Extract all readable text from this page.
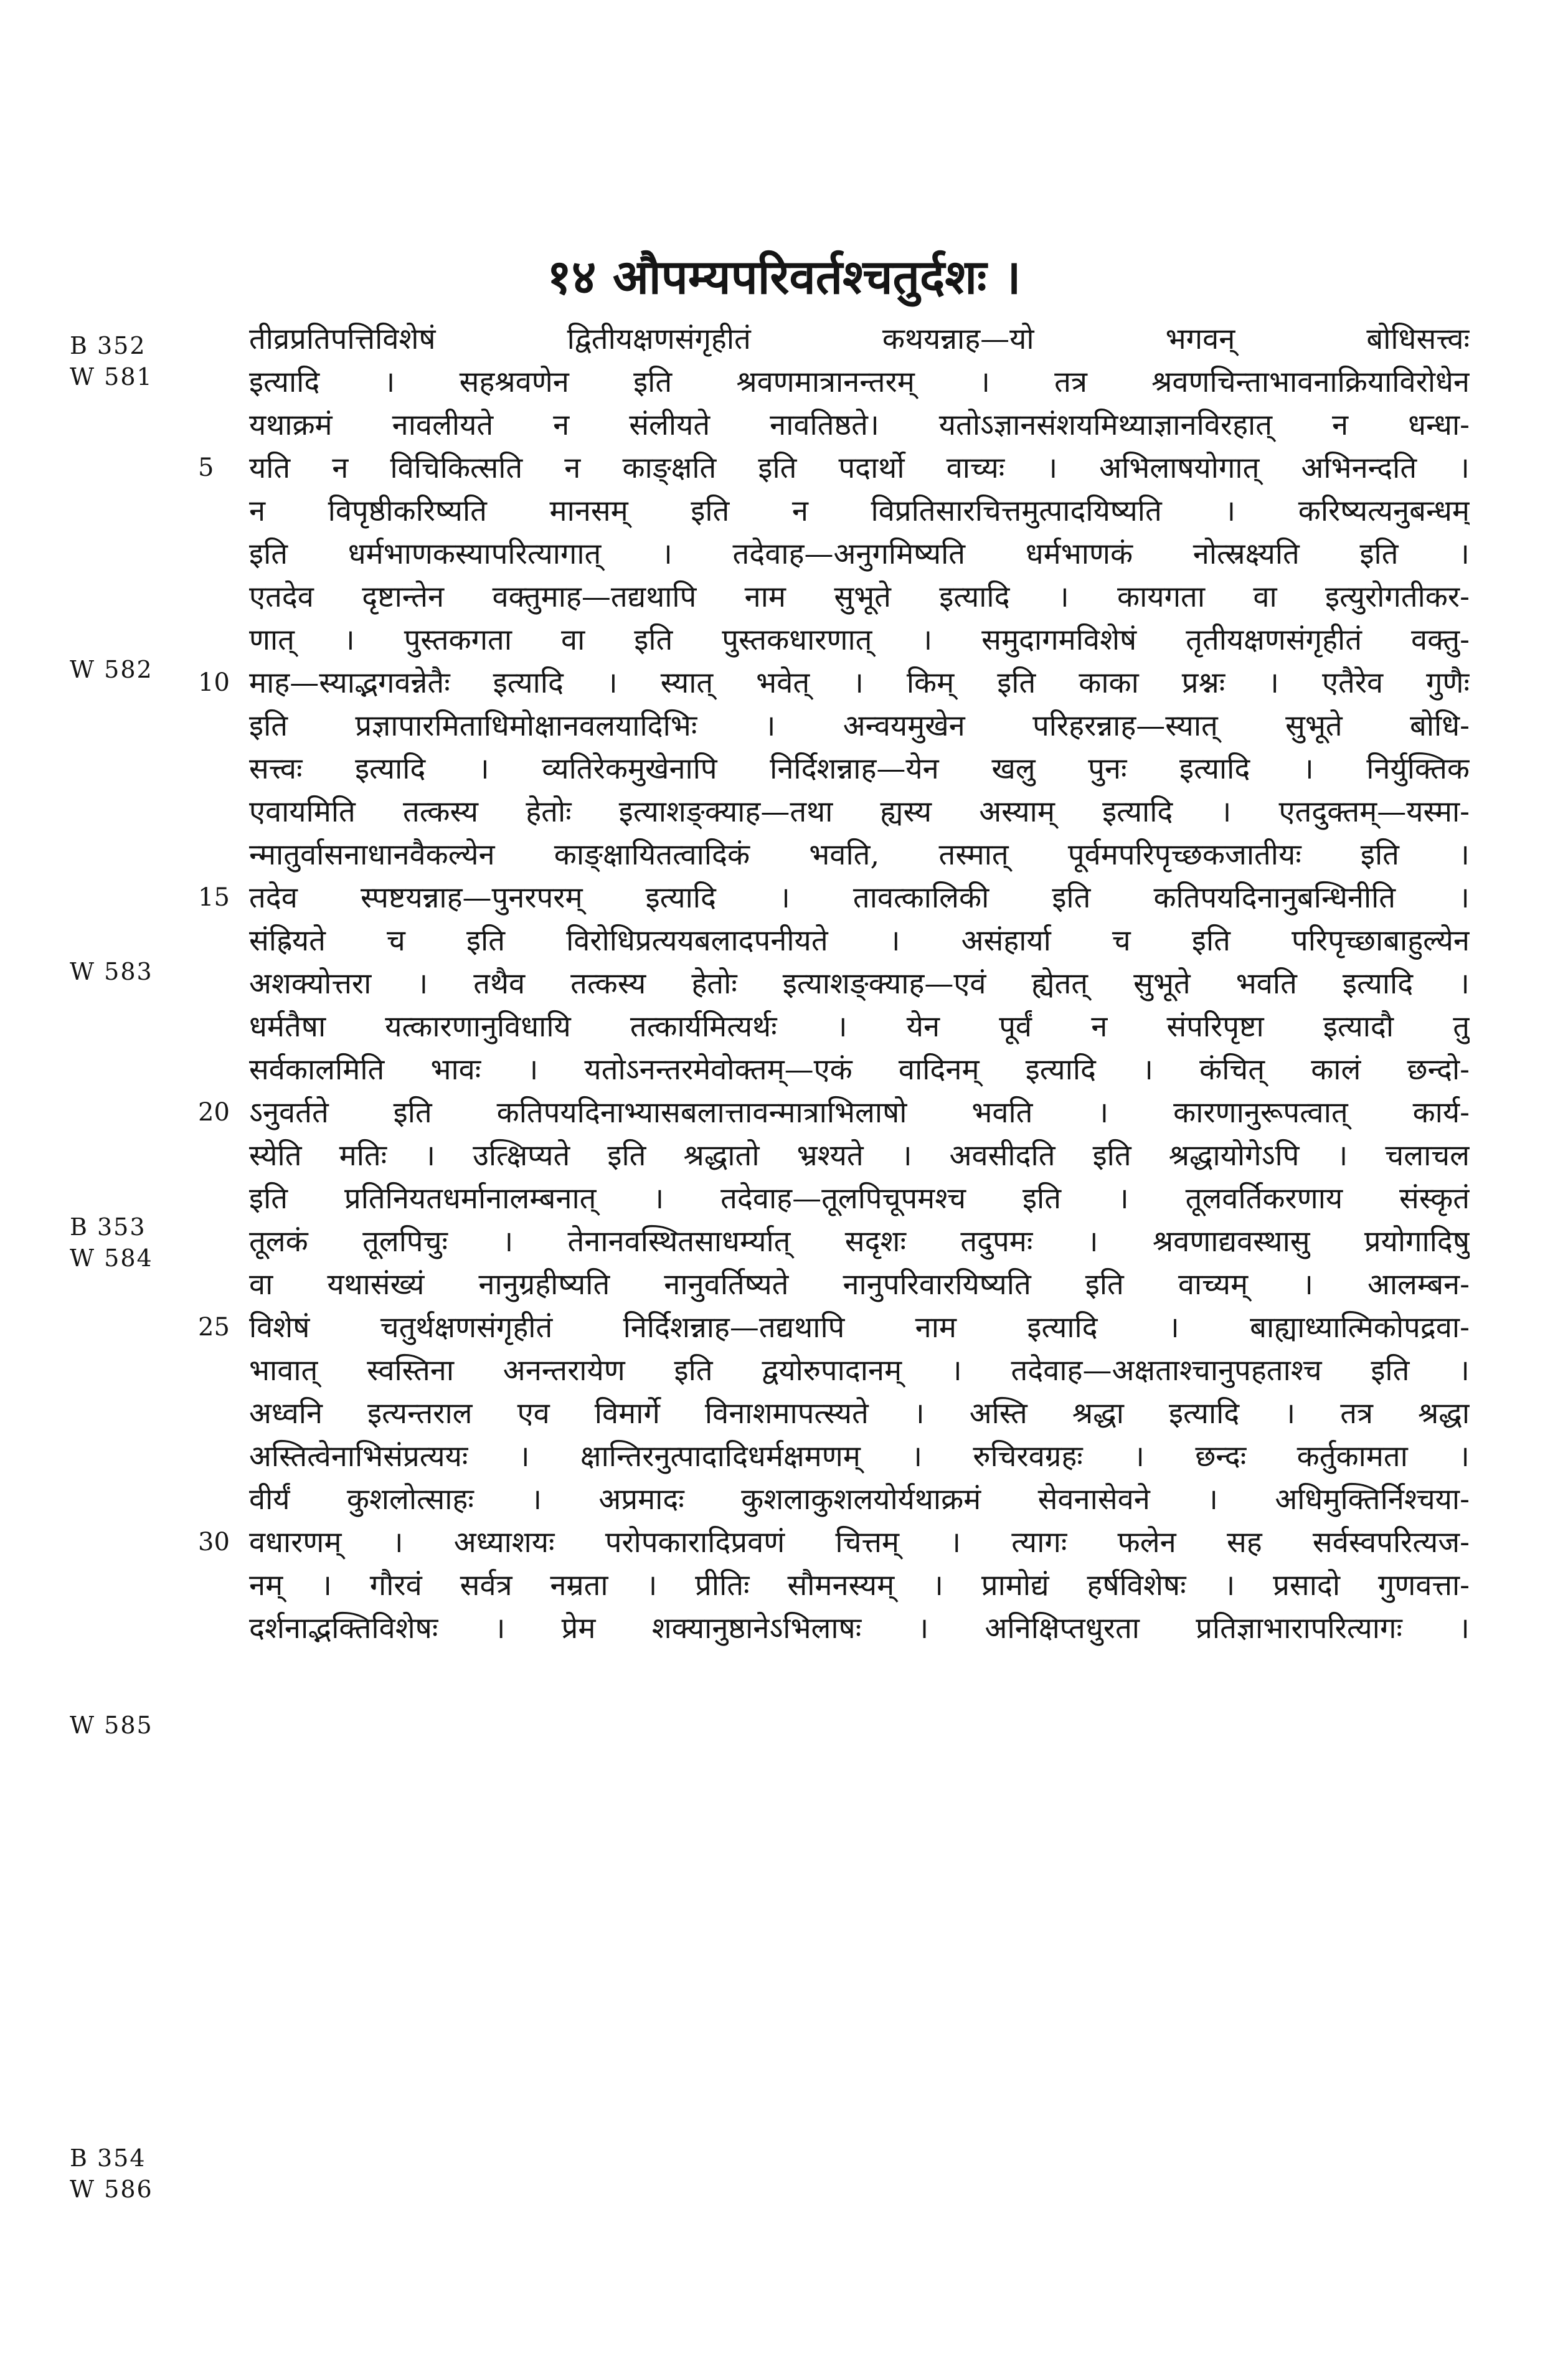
१४ औपम्यपरिवर्तश्चतुर्दशः ।
तीव्रप्रतिपत्तिविशेषं द्वितीयक्षणसंगृहीतं कथयन्नाह—यो भगवन् बोधिसत्त्वः
इत्यादि । सहश्रवणेन इति श्रवणमात्रानन्तरम् । तत्र श्रवणचिन्ताभावनाक्रियाविरोधेन
यथाक्रमं नावलीयते न संलीयते नावतिष्ठते। यतोऽज्ञानसंशयमिथ्याज्ञानविरहात् न धन्धा-
यति न विचिकित्सति न काङ्क्षति इति पदार्थो वाच्यः । अभिलाषयोगात् अभिनन्दति ।
न विपृष्ठीकरिष्यति मानसम् इति न विप्रतिसारचित्तमुत्पादयिष्यति । करिष्यत्यनुबन्धम्
इति धर्मभाणकस्यापरित्यागात् । तदेवाह—अनुगमिष्यति धर्मभाणकं नोत्स्रक्ष्यति इति ।
एतदेव दृष्टान्तेन वक्तुमाह—तद्यथापि नाम सुभूते इत्यादि । कायगता वा इत्युरोगतीकर-
णात् । पुस्तकगता वा इति पुस्तकधारणात् । समुदागमविशेषं तृतीयक्षणसंगृहीतं वक्तु-
माह—स्याद्भगवन्नेतैः इत्यादि । स्यात् भवेत् । किम् इति काका प्रश्नः । एतैरेव गुणैः
इति प्रज्ञापारमिताधिमोक्षानवलयादिभिः । अन्वयमुखेन परिहरन्नाह—स्यात् सुभूते बोधि-
सत्त्वः इत्यादि । व्यतिरेकमुखेनापि निर्दिशन्नाह—येन खलु पुनः इत्यादि । निर्युक्तिक
एवायमिति तत्कस्य हेतोः इत्याशङ्क्याह—तथा ह्यस्य अस्याम् इत्यादि । एतदुक्तम्—यस्मा-
न्मातुर्वासनाधानवैकल्येन काङ्क्षायितत्वादिकं भवति, तस्मात् पूर्वमपरिपृच्छकजातीयः इति ।
तदेव स्पष्टयन्नाह—पुनरपरम् इत्यादि । तावत्कालिकी इति कतिपयदिनानुबन्धिनीति ।
संह्रियते च इति विरोधिप्रत्ययबलादपनीयते । असंहार्या च इति परिपृच्छाबाहुल्येन
अशक्योत्तरा । तथैव तत्कस्य हेतोः इत्याशङ्क्याह—एवं ह्येतत् सुभूते भवति इत्यादि ।
धर्मतैषा यत्कारणानुविधायि तत्कार्यमित्यर्थः । येन पूर्वं न संपरिपृष्टा इत्यादौ तु
सर्वकालमिति भावः । यतोऽनन्तरमेवोक्तम्—एकं वादिनम् इत्यादि । कंचित् कालं छन्दो-
ऽनुवर्तते इति कतिपयदिनाभ्यासबलात्तावन्मात्राभिलाषो भवति । कारणानुरूपत्वात् कार्य-
स्येति मतिः । उत्क्षिप्यते इति श्रद्धातो भ्रश्यते । अवसीदति इति श्रद्धायोगेऽपि । चलाचल
इति प्रतिनियतधर्मानालम्बनात् । तदेवाह—तूलपिचूपमश्च इति । तूलवर्तिकरणाय संस्कृतं
तूलकं तूलपिचुः । तेनानवस्थितसाधर्म्यात् सदृशः तदुपमः । श्रवणाद्यवस्थासु प्रयोगादिषु
वा यथासंख्यं नानुग्रहीष्यति नानुवर्तिष्यते नानुपरिवारयिष्यति इति वाच्यम् । आलम्बन-
विशेषं चतुर्थक्षणसंगृहीतं निर्दिशन्नाह—तद्यथापि नाम इत्यादि । बाह्याध्यात्मिकोपद्रवा-
भावात् स्वस्तिना अनन्तरायेण इति द्वयोरुपादानम् । तदेवाह—अक्षताश्चानुपहताश्च इति ।
अध्वनि इत्यन्तराल एव विमार्गे विनाशमापत्स्यते । अस्ति श्रद्धा इत्यादि । तत्र श्रद्धा
अस्तित्वेनाभिसंप्रत्ययः । क्षान्तिरनुत्पादादिधर्मक्षमणम् । रुचिरवग्रहः । छन्दः कर्तुकामता ।
वीर्यं कुशलोत्साहः । अप्रमादः कुशलाकुशलयोर्यथाक्रमं सेवनासेवने । अधिमुक्तिर्निश्चया-
वधारणम् । अध्याशयः परोपकारादिप्रवणं चित्तम् । त्यागः फलेन सह सर्वस्वपरित्यज-
नम् । गौरवं सर्वत्र नम्रता । प्रीतिः सौमनस्यम् । प्रामोद्यं हर्षविशेषः । प्रसादो गुणवत्ता-
दर्शनाद्भक्तिविशेषः । प्रेम शक्यानुष्ठानेऽभिलाषः । अनिक्षिप्तधुरता प्रतिज्ञाभारापरित्यागः ।
5
10
15
20
25
30
B 352
W 581
W 582
W 583
B 353
W 584
W 585
B 354
W 586
